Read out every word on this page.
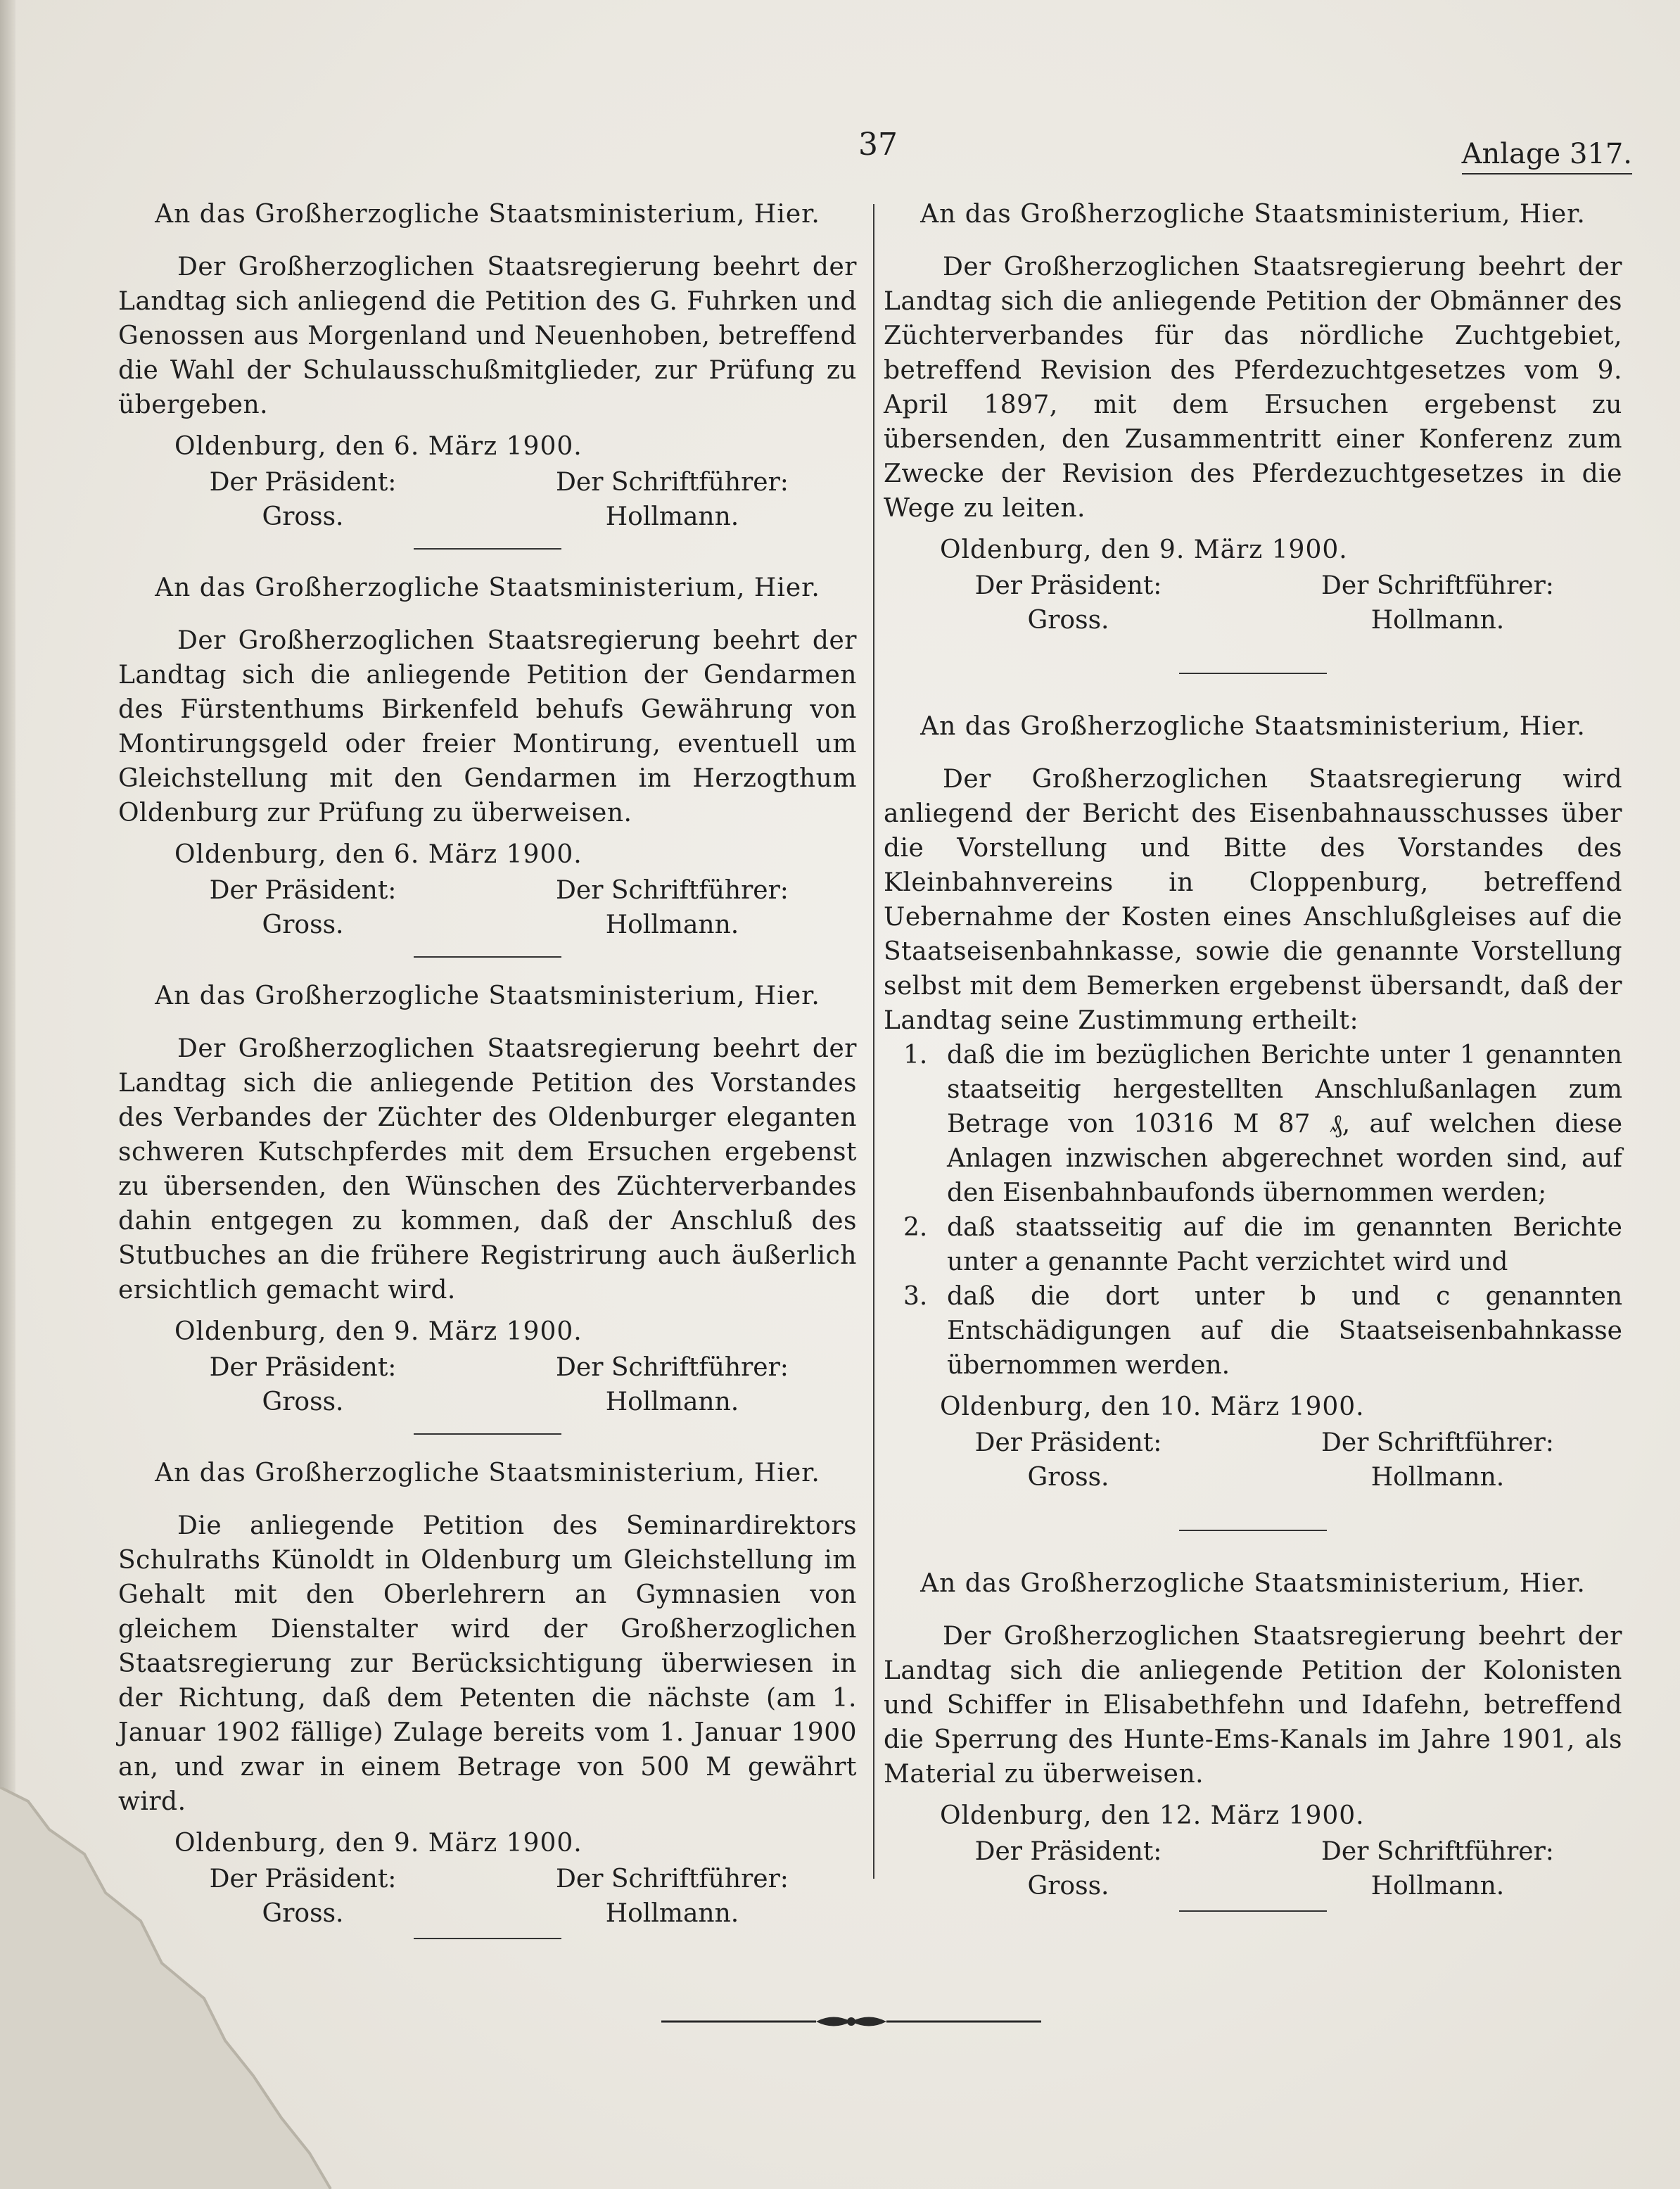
37	Anlage 317.

An das Großherzogliche Staatsministerium, Hier.

Der Großherzoglichen Staatsregierung beehrt der Landtag sich anliegend die Petition des G. Fuhrken und Genossen aus Morgenland und Neuenhoben, betreffend die Wahl der Schulausschußmitglieder, zur Prüfung zu übergeben.

Oldenburg, den 6. März 1900.

Der Präsident:
Gross.
Der Schriftführer:
Hollmann.

An das Großherzogliche Staatsministerium, Hier.

Der Großherzoglichen Staatsregierung beehrt der Landtag sich die anliegende Petition der Gendarmen des Fürstenthums Birkenfeld behufs Gewährung von Montirungsgeld oder freier Montirung, eventuell um Gleichstellung mit den Gendarmen im Herzogthum Oldenburg zur Prüfung zu überweisen.

Oldenburg, den 6. März 1900.

Der Präsident:
Gross.
Der Schriftführer:
Hollmann.

An das Großherzogliche Staatsministerium, Hier.

Der Großherzoglichen Staatsregierung beehrt der Landtag sich die anliegende Petition des Vorstandes des Verbandes der Züchter des Oldenburger eleganten schweren Kutschpferdes mit dem Ersuchen ergebenst zu übersenden, den Wünschen des Züchterverbandes dahin entgegen zu kommen, daß der Anschluß des Stutbuches an die frühere Registrirung auch äußerlich ersichtlich gemacht wird.

Oldenburg, den 9. März 1900.

Der Präsident:
Gross.
Der Schriftführer:
Hollmann.

An das Großherzogliche Staatsministerium, Hier.

Die anliegende Petition des Seminardirektors Schulraths Künoldt in Oldenburg um Gleichstellung im Gehalt mit den Oberlehrern an Gymnasien von gleichem Dienstalter wird der Großherzoglichen Staatsregierung zur Berücksichtigung überwiesen in der Richtung, daß dem Petenten die nächste (am 1. Januar 1902 fällige) Zulage bereits vom 1. Januar 1900 an, und zwar in einem Betrage von 500 M gewährt wird.

Oldenburg, den 9. März 1900.

Der Präsident:
Gross.
Der Schriftführer:
Hollmann.

An das Großherzogliche Staatsministerium, Hier.

Der Großherzoglichen Staatsregierung beehrt der Landtag sich die anliegende Petition der Obmänner des Züchterverbandes für das nördliche Zuchtgebiet, betreffend Revision des Pferdezuchtgesetzes vom 9. April 1897, mit dem Ersuchen ergebenst zu übersenden, den Zusammentritt einer Konferenz zum Zwecke der Revision des Pferdezuchtgesetzes in die Wege zu leiten.

Oldenburg, den 9. März 1900.

Der Präsident:
Gross.
Der Schriftführer:
Hollmann.

An das Großherzogliche Staatsministerium, Hier.

Der Großherzoglichen Staatsregierung wird anliegend der Bericht des Eisenbahnausschusses über die Vorstellung und Bitte des Vorstandes des Kleinbahnvereins in Cloppenburg, betreffend Uebernahme der Kosten eines Anschlußgleises auf die Staatseisenbahnkasse, sowie die genannte Vorstellung selbst mit dem Bemerken ergebenst übersandt, daß der Landtag seine Zustimmung ertheilt:

1. daß die im bezüglichen Berichte unter 1 genannten staatseitig hergestellten Anschlußanlagen zum Betrage von 10316 M 87 ₰, auf welchen diese Anlagen inzwischen abgerechnet worden sind, auf den Eisenbahnbaufonds übernommen werden;
2. daß staatsseitig auf die im genannten Berichte unter a genannte Pacht verzichtet wird und
3. daß die dort unter b und c genannten Entschädigungen auf die Staatseisenbahnkasse übernommen werden.

Oldenburg, den 10. März 1900.

Der Präsident:
Gross.
Der Schriftführer:
Hollmann.

An das Großherzogliche Staatsministerium, Hier.

Der Großherzoglichen Staatsregierung beehrt der Landtag sich die anliegende Petition der Kolonisten und Schiffer in Elisabethfehn und Idafehn, betreffend die Sperrung des Hunte-Ems-Kanals im Jahre 1901, als Material zu überweisen.

Oldenburg, den 12. März 1900.

Der Präsident:
Gross.
Der Schriftführer:
Hollmann.
